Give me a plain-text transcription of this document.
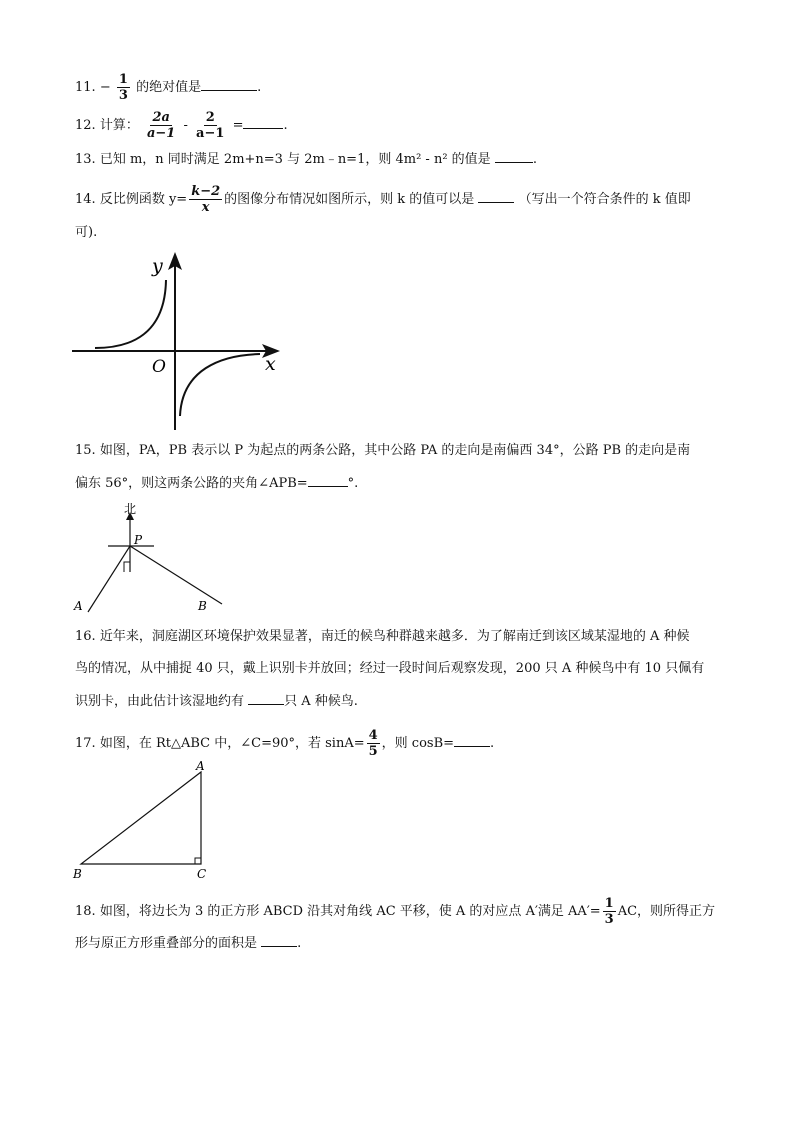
11. − $\frac{1}{3}$ 的绝对值是	.
12. 计算： $\frac{2a}{a-1} - \frac{2}{a-1}$ =	.
13. 已知 m，n 同时满足 2m+n=3 与 2m﹣n=1，则 4m² - n² 的值是	.
14. 反比例函数 $y= \frac{k-2}{x}$ 的图像分布情况如图所示，则 k 的值可以是	（写出一个符合条件的 k 值即
可).
y
x
O
15. 如图，PA，PB 表示以 P 为起点的两条公路，其中公路 PA 的走向是南偏西 34°，公路 PB 的走向是南
偏东 56°，则这两条公路的夹角∠APB=	°.
北
P
A	B
16. 近年来，洞庭湖区环境保护效果显著，南迁的候鸟种群越来越多．为了解南迁到该区域某湿地的 A 种候
鸟的情况，从中捕捉 40 只，戴上识别卡并放回；经过一段时间后观察发现，200 只 A 种候鸟中有 10 只佩有
识别卡，由此估计该湿地约有	只 A 种候鸟.
17. 如图，在 Rt△ABC 中，∠C=90°，若 $\sin A= \frac{4}{5}$ ，则 cosB=	.
A
B	C
18. 如图，将边长为 3 的正方形 ABCD 沿其对角线 AC 平移，使 A 的对应点 A′满足 $AA'= \frac{1}{3}$ AC，则所得正方
形与原正方形重叠部分的面积是	.
